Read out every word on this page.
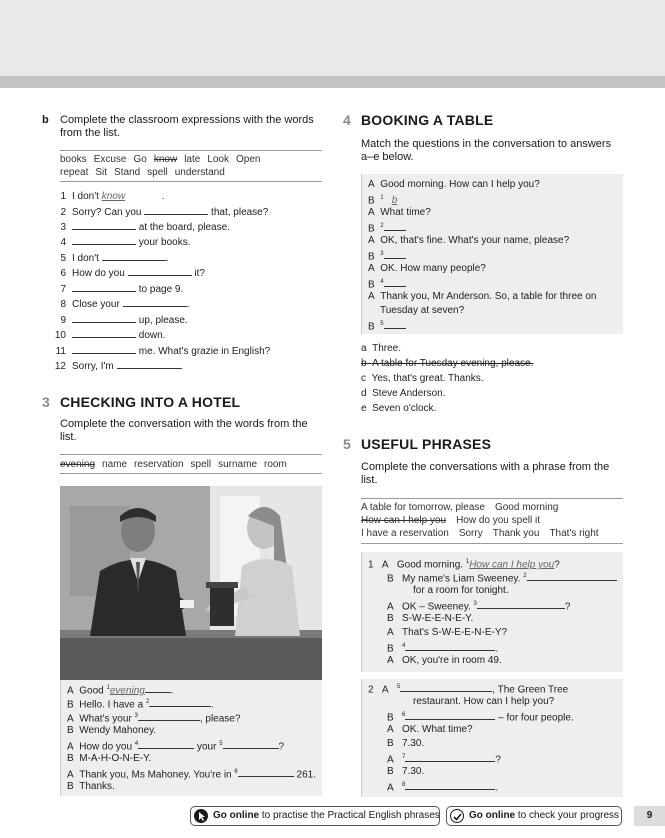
b Complete the classroom expressions with the words from the list.
books Excuse Go know late Look Open
repeat Sit Stand spell understand
1 I don't know	.
2 Sorry? Can you	that, please?
3	at the board, please.
4	your books.
5 I don't	.
6 How do you	it?
7	to page 9.
8 Close your	.
9	up, please.
10	down.
11	me. What's grazie in English?
12 Sorry, I'm	.
3 CHECKING INTO A HOTEL
Complete the conversation with the words from the list.
evening name reservation spell surname room
A Good $^1$evening	.
B Hello. I have a $^2$	.
A What's your $^3$	, please?
B Wendy Mahoney.
A How do you $^4$	your $^5$	?
B M-A-H-O-N-E-Y.
A Thank you, Ms Mahoney. You're in $^6$	261.
B Thanks.
4 BOOKING A TABLE
Match the questions in the conversation to answers a–e below.
A Good morning. How can I help you?
B $^1$ b
A What time?
B $^2$
A OK, that's fine. What's your name, please?
B $^3$
A OK. How many people?
B $^4$
A Thank you, Mr Anderson. So, a table for three on
Tuesday at seven?
B $^5$
a Three.
b A table for Tuesday evening, please.
c Yes, that's great. Thanks.
d Steve Anderson.
e Seven o'clock.
5 USEFUL PHRASES
Complete the conversations with a phrase from the list.
A table for tomorrow, please Good morning
How can I help you How do you spell it
I have a reservation Sorry Thank you That's right
1   A   Good morning. $^1$How can I help you?
B   My name's Liam Sweeney. $^2$
for a room for tonight.
A   OK – Sweeney. $^3$	?
B   S-W-E-E-N-E-Y.
A   That's S-W-E-E-N-E-Y?
B   $^4$	.
A   OK, you're in room 49.
2   A   $^5$	, The Green Tree
restaurant. How can I help you?
B   $^6$	– for four people.
A   OK. What time?
B   7.30.
A   $^7$	?
B   7.30.
A   $^8$	.
Go online to practise the Practical English phrases	Go online to check your progress	9
